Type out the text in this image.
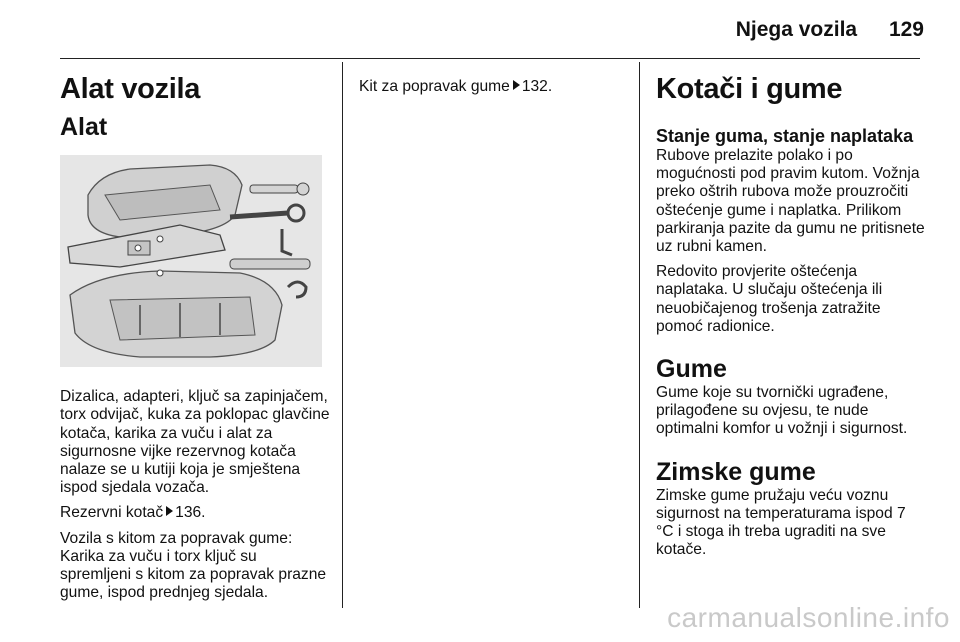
Njega vozila 129
Alat vozila
Alat

Dizalica, adapteri, ključ sa zapinjačem, torx odvijač, kuka za poklopac glavčine kotača, karika za vuču i alat za sigurnosne vijke rezervnog kotača nalaze se u kutiji koja je smještena ispod sjedala vozača.

Rezervni kotač 136.

Vozila s kitom za popravak gume: Karika za vuču i torx ključ su spremljeni s kitom za popravak prazne gume, ispod prednjeg sjedala.

Kit za popravak gume 132.	Kotači i gume
Stanje guma, stanje naplataka

Rubove prelazite polako i po mogućnosti pod pravim kutom. Vožnja preko oštrih rubova može prouzročiti oštećenje gume i naplatka. Prilikom parkiranja pazite da gumu ne pritisnete uz rubni kamen.

Redovito provjerite oštećenja naplataka. U slučaju oštećenja ili neuobičajenog trošenja zatražite pomoć radionice.

Gume

Gume koje su tvornički ugrađene, prilagođene su ovjesu, te nude optimalni komfor u vožnji i sigurnost.

Zimske gume

Zimske gume pružaju veću voznu sigurnost na temperaturama ispod 7 °C i stoga ih treba ugraditi na sve kotače.

carmanualsonline.info
